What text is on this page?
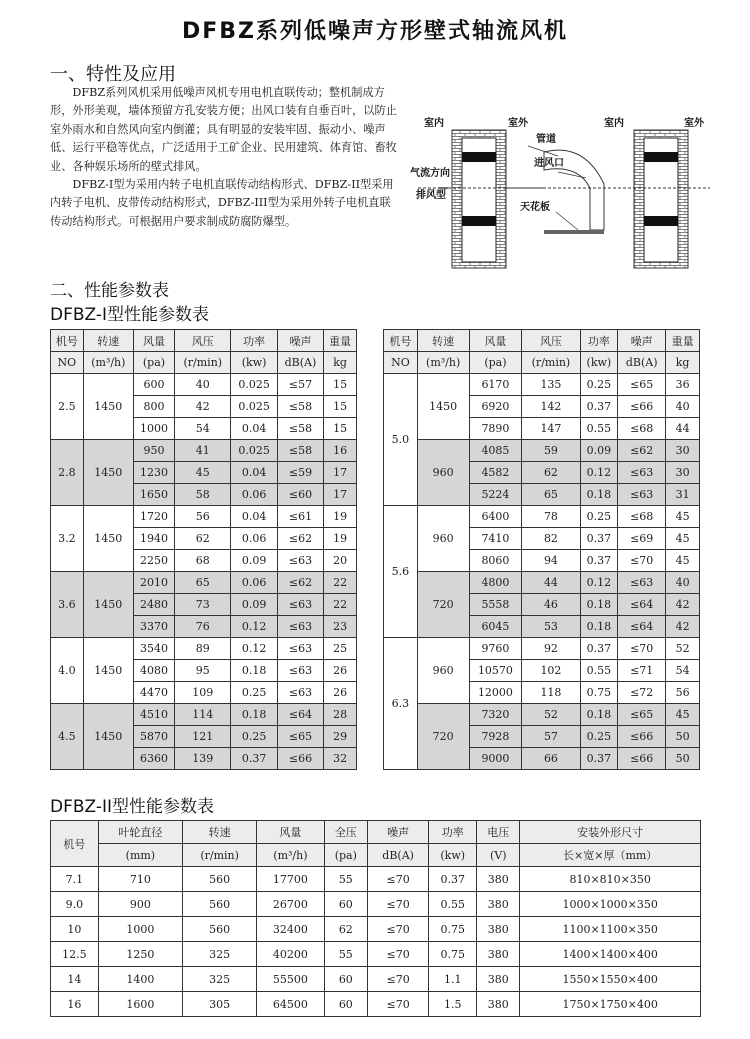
DFBZ系列低噪声方形壁式轴流风机
一、特性及应用

DFBZ系列风机采用低噪声风机专用电机直联传动；整机制成方形，外形美观，墙体预留方孔安装方便；出风口装有自垂百叶，以防止室外雨水和自然风向室内倒灌；具有明显的安装牢固、振动小、噪声低、运行平稳等优点，广泛适用于工矿企业、民用建筑、体育馆、畜牧业、各种娱乐场所的壁式排风。

DFBZ-I型为采用内转子电机直联传动结构形式、DFBZ-II型采用内转子电机、皮带传动结构形式，DFBZ-III型为采用外转子电机直联传动结构形式。可根据用户要求制成防腐防爆型。

室内	室外
管道
进风口
气流方向
排风型
天花板
室内	室外
二、性能参数表
DFBZ-I型性能参数表
机号	转速	风量	风压	功率	噪声	重量
NO	(m³/h)	(pa)	(r/min)	(kw)	dB(A)	kg
2.5	1450	600	40	0.025	≤57	15
		800	42	0.025	≤58	15
		1000	54	0.04	≤58	15
2.8	1450	950	41	0.025	≤58	16
		1230	45	0.04	≤59	17
		1650	58	0.06	≤60	17
3.2	1450	1720	56	0.04	≤61	19
		1940	62	0.06	≤62	19
		2250	68	0.09	≤63	20
3.6	1450	2010	65	0.06	≤62	22
		2480	73	0.09	≤63	22
		3370	76	0.12	≤63	23
4.0	1450	3540	89	0.12	≤63	25
		4080	95	0.18	≤63	26
		4470	109	0.25	≤63	26
4.5	1450	4510	114	0.18	≤64	28
		5870	121	0.25	≤65	29
		6360	139	0.37	≤66	32
机号	转速	风量	风压	功率	噪声	重量
NO	(m³/h)	(pa)	(r/min)	(kw)	dB(A)	kg
5.0	1450	6170	135	0.25	≤65	36
		6920	142	0.37	≤66	40
		7890	147	0.55	≤68	44
	960	4085	59	0.09	≤62	30
		4582	62	0.12	≤63	30
		5224	65	0.18	≤63	31
5.6	960	6400	78	0.25	≤68	45
		7410	82	0.37	≤69	45
		8060	94	0.37	≤70	45
	720	4800	44	0.12	≤63	40
		5558	46	0.18	≤64	42
		6045	53	0.18	≤64	42
6.3	960	9760	92	0.37	≤70	52
		10570	102	0.55	≤71	54
		12000	118	0.75	≤72	56
	720	7320	52	0.18	≤65	45
		7928	57	0.25	≤66	50
		9000	66	0.37	≤66	50
DFBZ-II型性能参数表
机号	叶轮直径	转速	风量	全压	噪声	功率	电压	安装外形尺寸
	(mm)	(r/min)	(m³/h)	(pa)	dB(A)	(kw)	(V)	长×宽×厚（mm）
7.1	710	560	17700	55	≤70	0.37	380	810×810×350
9.0	900	560	26700	60	≤70	0.55	380	1000×1000×350
10	1000	560	32400	62	≤70	0.75	380	1100×1100×350
12.5	1250	325	40200	55	≤70	0.75	380	1400×1400×400
14	1400	325	55500	60	≤70	1.1	380	1550×1550×400
16	1600	305	64500	60	≤70	1.5	380	1750×1750×400
